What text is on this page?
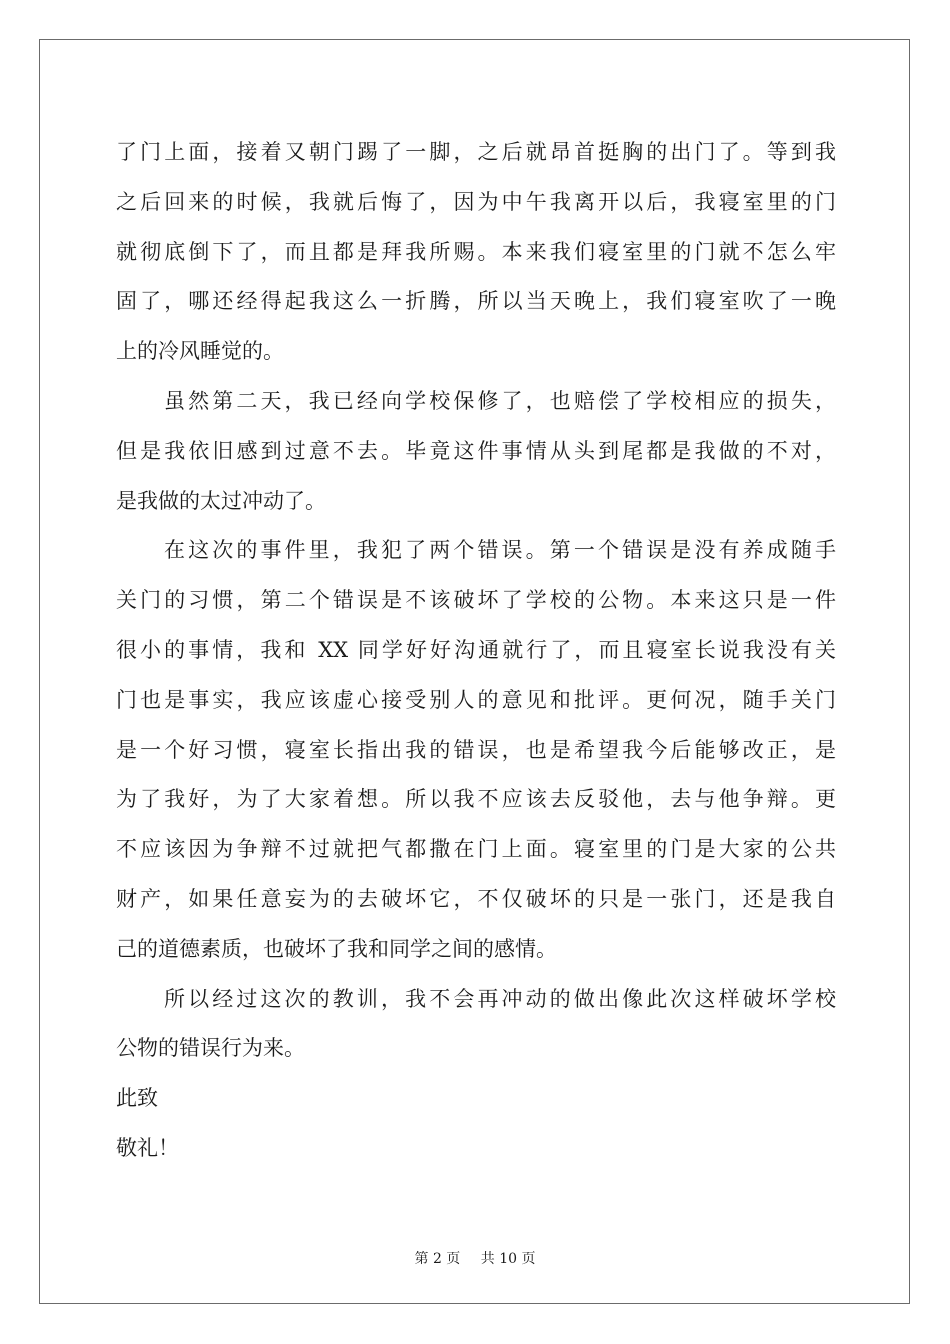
了门上面，接着又朝门踢了一脚，之后就昂首挺胸的出门了。等到我
之后回来的时候，我就后悔了，因为中午我离开以后，我寝室里的门
就彻底倒下了，而且都是拜我所赐。本来我们寝室里的门就不怎么牢
固了，哪还经得起我这么一折腾，所以当天晚上，我们寝室吹了一晚
上的冷风睡觉的。
虽然第二天，我已经向学校保修了，也赔偿了学校相应的损失，
但是我依旧感到过意不去。毕竟这件事情从头到尾都是我做的不对，
是我做的太过冲动了。
在这次的事件里，我犯了两个错误。第一个错误是没有养成随手
关门的习惯，第二个错误是不该破坏了学校的公物。本来这只是一件
很小的事情，我和 XX 同学好好沟通就行了，而且寝室长说我没有关
门也是事实，我应该虚心接受别人的意见和批评。更何况，随手关门
是一个好习惯，寝室长指出我的错误，也是希望我今后能够改正，是
为了我好，为了大家着想。所以我不应该去反驳他，去与他争辩。更
不应该因为争辩不过就把气都撒在门上面。寝室里的门是大家的公共
财产，如果任意妄为的去破坏它，不仅破坏的只是一张门，还是我自
己的道德素质，也破坏了我和同学之间的感情。
所以经过这次的教训，我不会再冲动的做出像此次这样破坏学校
公物的错误行为来。
此致
敬礼！
第 2 页 共 10 页
